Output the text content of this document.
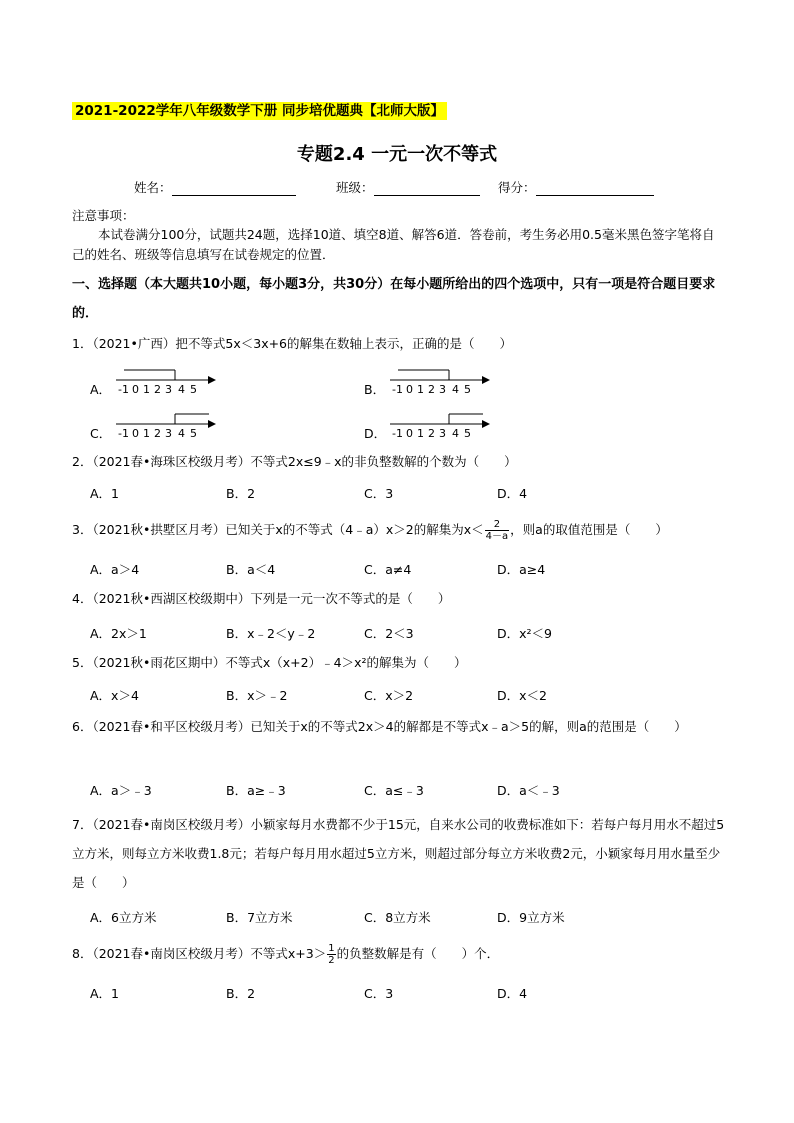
2021-2022学年八年级数学下册 同步培优题典【北师大版】
专题2.4 一元一次不等式
姓名：	班级：	得分：
注意事项：
本试卷满分100分，试题共24题，选择10道、填空8道、解答6道．答卷前，考生务必用0.5毫米黑色签字笔将自己的姓名、班级等信息填写在试卷规定的位置．
一、选择题（本大题共10小题，每小题3分，共30分）在每小题所给出的四个选项中，只有一项是符合题目要求的．
1．（2021•广西）把不等式5x＜3x+6的解集在数轴上表示，正确的是（　　）
A． -1 0 1 2 3 4 5	B． -1 0 1 2 3 4 5
C． -1 0 1 2 3 4 5	D． -1 0 1 2 3 4 5
2．（2021春•海珠区校级月考）不等式2x≤9﹣x的非负整数解的个数为（　　）
A．1	B．2	C．3	D．4
3．（2021秋•拱墅区月考）已知关于x的不等式（4﹣a）x＞2的解集为$x< \frac{2}{4-a}$ ，则a的取值范围是（　　）
A．a＞4	B．a＜4	C．a≠4	D．a≥4
4．（2021秋•西湖区校级期中）下列是一元一次不等式的是（　　）
A．2x＞1	B．x﹣2＜y﹣2	C．2＜3	D．x²＜9
5．（2021秋•雨花区期中）不等式x（x+2）﹣4＞x²的解集为（　　）
A．x＞4	B．x＞﹣2	C．x＞2	D．x＜2
6．（2021春•和平区校级月考）已知关于x的不等式2x＞4的解都是不等式x﹣a＞5的解，则a的范围是（　　）
A．a＞﹣3	B．a≥﹣3	C．a≤﹣3	D．a＜﹣3
7．（2021春•南岗区校级月考）小颖家每月水费都不少于15元，自来水公司的收费标准如下：若每户每月用水不超过5立方米，则每立方米收费1.8元；若每户每月用水超过5立方米，则超过部分每立方米收费2元，小颖家每月用水量至少是（　　）
A．6立方米	B．7立方米	C．8立方米	D．9立方米
8．（2021春•南岗区校级月考）不等式$x+3> \frac{1}{2}$ 的负整数解是有（　　）个．
A．1	B．2	C．3	D．4
